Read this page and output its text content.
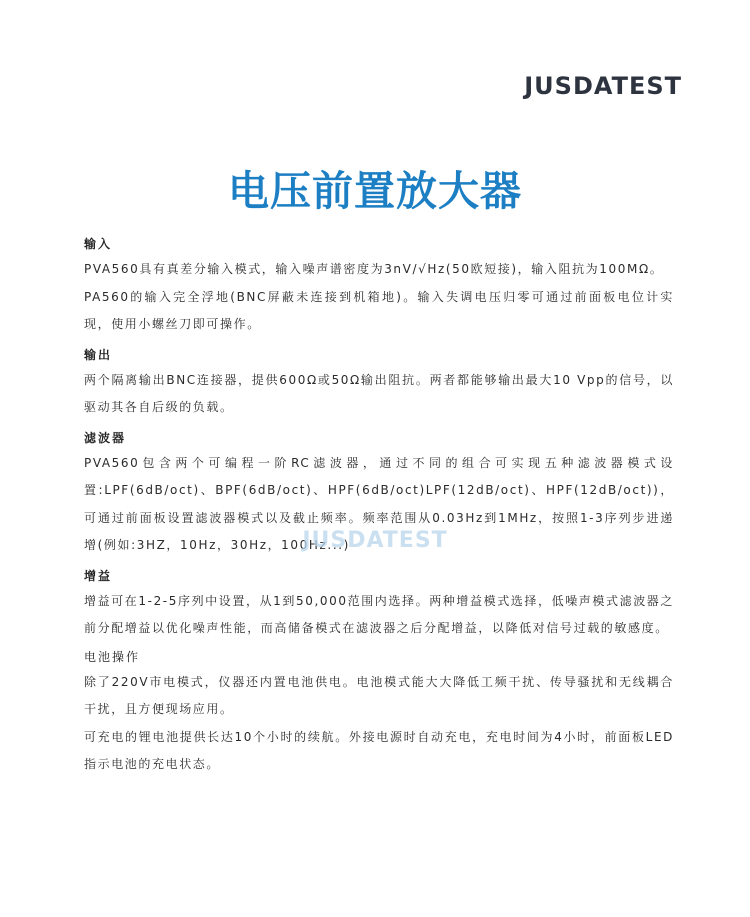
JUSDATEST
电压前置放大器
输入

PVA560具有真差分输入模式，输入噪声谱密度为3nV/√Hz(50欧短接)，输入阻抗为100MΩ。

PA560的输入完全浮地(BNC屏蔽未连接到机箱地)。输入失调电压归零可通过前面板电位计实现，使用小螺丝刀即可操作。

输出

两个隔离输出BNC连接器，提供600Ω或50Ω输出阻抗。两者都能够输出最大10 Vpp的信号，以驱动其各自后级的负载。

滤波器

PVA560包含两个可编程一阶RC滤波器，通过不同的组合可实现五种滤波器模式设置:LPF(6dB/oct)、BPF(6dB/oct)、HPF(6dB/oct)LPF(12dB/oct)、HPF(12dB/oct))，可通过前面板设置滤波器模式以及截止频率。频率范围从0.03Hz到1MHz，按照1-3序列步进递增(例如:3HZ，10Hz，30Hz，100Hz...)

增益

增益可在1-2-5序列中设置，从1到50,000范围内选择。两种增益模式选择，低噪声模式滤波器之前分配增益以优化噪声性能，而高储备模式在滤波器之后分配增益，以降低对信号过载的敏感度。

电池操作

除了220V市电模式，仪器还内置电池供电。电池模式能大大降低工频干扰、传导骚扰和无线耦合干扰，且方便现场应用。

可充电的锂电池提供长达10个小时的续航。外接电源时自动充电，充电时间为4小时，前面板LED指示电池的充电状态。

JUSDATEST
